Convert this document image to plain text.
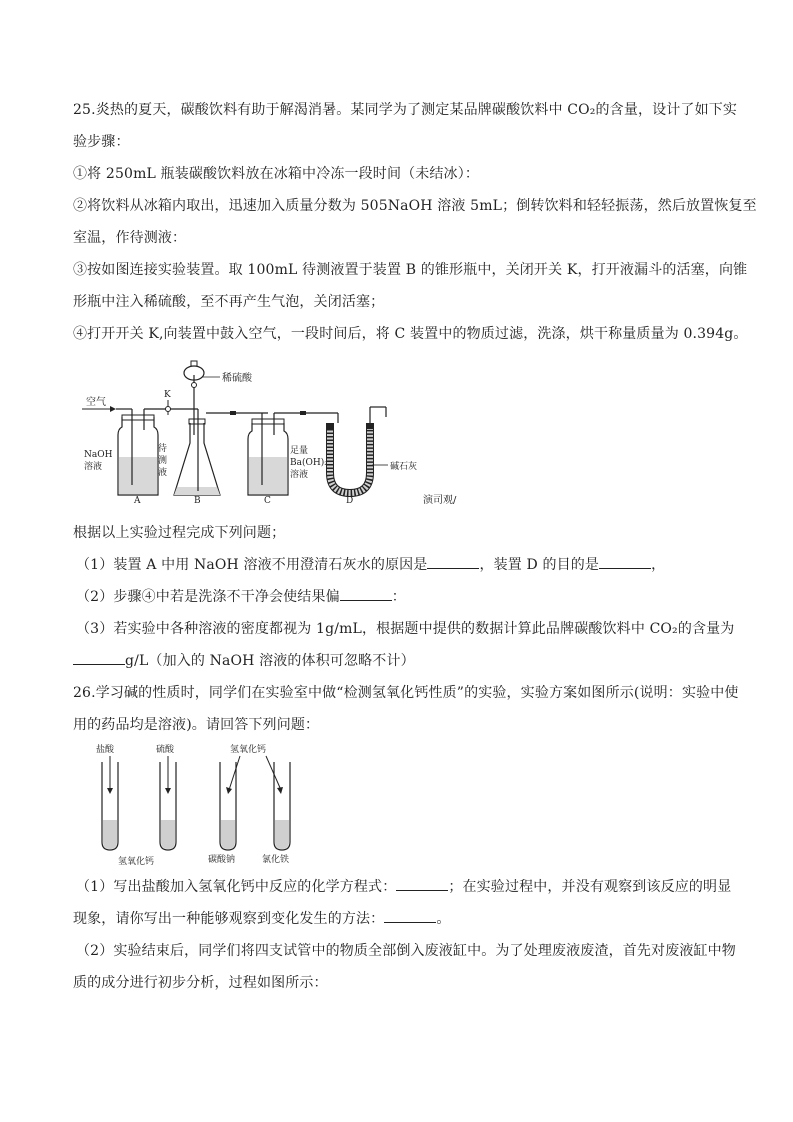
25.炎热的夏天，碳酸饮料有助于解渴消暑。某同学为了测定某品牌碳酸饮料中 CO₂的含量，设计了如下实
验步骤：
①将 250mL 瓶装碳酸饮料放在冰箱中冷冻一段时间（未结冰）：
②将饮料从冰箱内取出，迅速加入质量分数为 505NaOH 溶液 5mL；倒转饮料和轻轻振荡，然后放置恢复至
室温，作待测液：
③按如图连接实验装置。取 100mL 待测液置于装置 B 的锥形瓶中，关闭开关 K，打开液漏斗的活塞，向锥
形瓶中注入稀硫酸，至不再产生气泡，关闭活塞；
④打开开关 K,向装置中鼓入空气，一段时间后，将 C 装置中的物质过滤，洗涤，烘干称量质量为 0.394g。
空气
NaOH
溶液
A
K
稀硫酸
待
测
液
B
足量
Ba(OH)₂
溶液
C
碱石灰
D	演司观/
根据以上实验过程完成下列问题；
（1）装置 A 中用 NaOH 溶液不用澄清石灰水的原因是	，装置 D 的目的是	，
（2）步骤④中若是洗涤不干净会使结果偏	：
（3）若实验中各种溶液的密度都视为 1g/mL，根据题中提供的数据计算此品牌碳酸饮料中 CO₂的含量为
g/L（加入的 NaOH 溶液的体积可忽略不计）
26.学习碱的性质时，同学们在实验室中做“检测氢氧化钙性质”的实验，实验方案如图所示(说明：实验中使
用的药品均是溶液)。请回答下列问题：
盐酸	硫酸	氢氧化钙
氢氧化钙	碳酸钠	氯化铁
（1）写出盐酸加入氢氧化钙中反应的化学方程式：	；在实验过程中，并没有观察到该反应的明显
现象，请你写出一种能够观察到变化发生的方法：	。
（2）实验结束后，同学们将四支试管中的物质全部倒入废液缸中。为了处理废液废渣，首先对废液缸中物
质的成分进行初步分析，过程如图所示：
